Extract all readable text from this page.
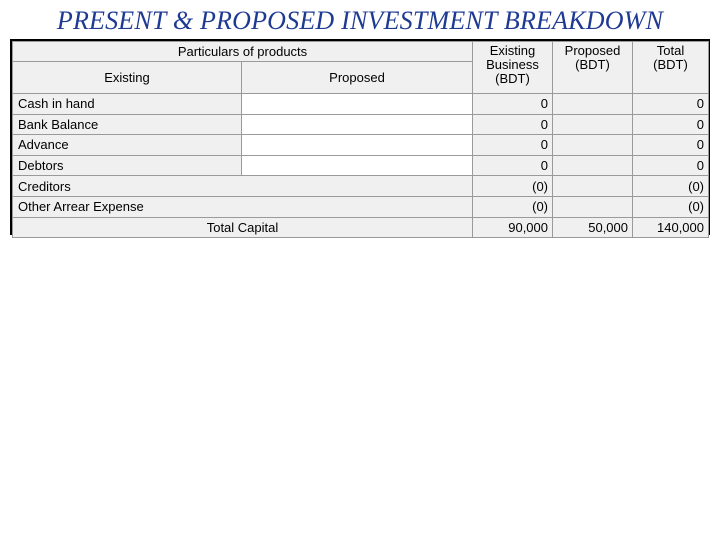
PRESENT & PROPOSED INVESTMENT BREAKDOWN
Particulars of products		Existing Business (BDT)	Proposed (BDT)	Total (BDT)
Existing	Proposed			
Cash in hand		0		0
Bank Balance		0		0
Advance		0		0
Debtors		0		0
Creditors		(0)		(0)
Other Arrear Expense		(0)		(0)
Total Capital		90,000	50,000	140,000
